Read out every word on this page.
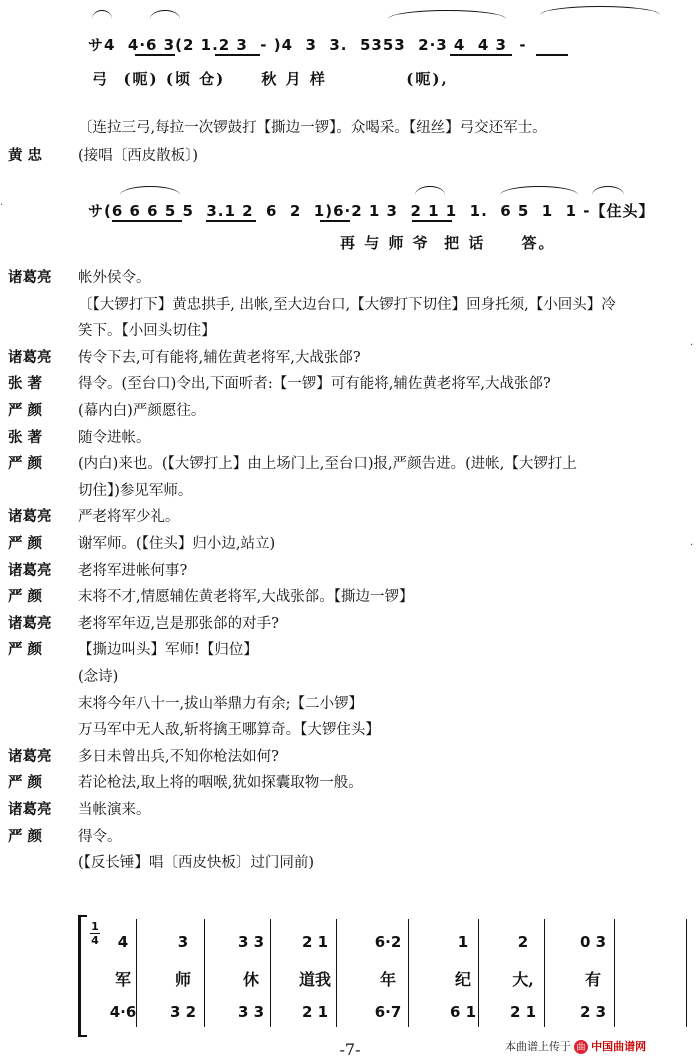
サ4  4·6 3(2 1.2 3  - )4  3  3.  5353  2·3 4  4 3  -
弓  (呃) (顷 仓)     秋 月 样           (呃),
〔连拉三弓,每拉一次锣鼓打【撕边一锣】。众喝采。【纽丝】弓交还军士。
黄 忠	(接唱〔西皮散板〕)
サ(6 6 6 5 5  3.1 2  6  2  1)6·2 1 3  2 1 1  1.  6 5  1  1 -【住头】
再 与 师 爷  把 话     答。
诸葛亮	帐外侯令。
〔【大锣打下】黄忠拱手, 出帐,至大边台口,【大锣打下切住】回身托须,【小回头】冷
笑下。【小回头切住】
诸葛亮	传令下去,可有能将,辅佐黄老将军,大战张郃?
张 著	得令。(至台口)令出,下面听者:【一锣】可有能将,辅佐黄老将军,大战张郃?
严 颜	(幕内白)严颜愿往。
张 著	随令进帐。
严 颜	(内白)来也。(【大锣打上】由上场门上,至台口)报,严颜告进。(进帐,【大锣打上
切住】)参见军师。
诸葛亮	严老将军少礼。
严 颜	谢军师。(【住头】归小边,站立)
诸葛亮	老将军进帐何事?
严 颜	末将不才,情愿辅佐黄老将军,大战张郃。【撕边一锣】
诸葛亮	老将军年迈,岂是那张郃的对手?
严 颜	【撕边叫头】军师!【归位】
(念诗)
末将今年八十一,拔山举鼎力有余;【二小锣】
万马军中无人敌,斩将擒王哪算奇。【大锣住头】
诸葛亮	多日未曾出兵,不知你枪法如何?
严 颜	若论枪法,取上将的咽喉,犹如探囊取物一般。
诸葛亮	当帐演来。
严 颜	得令。
(【反长锤】唱〔西皮快板〕过门同前)
1
4	4	3	3 3	2 1	6·2	1	2	0 3
军	师	休	道我	年	纪	大,	有
4·6	3 2	3 3	2 1	6·7	6 1	2 1	2 3
-7-	本曲谱上传于 曲 中国曲谱网
·
·
·
